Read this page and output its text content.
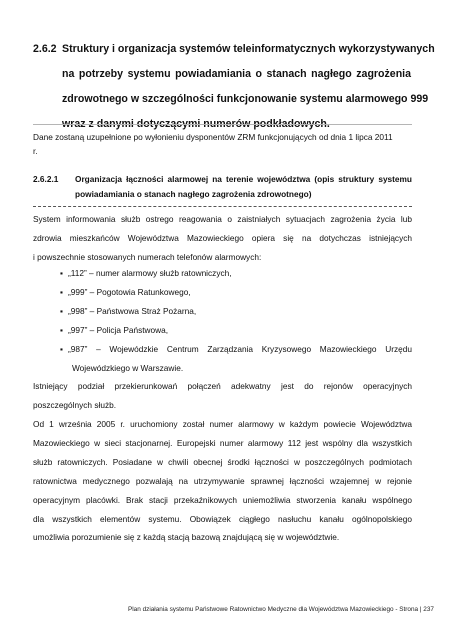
2.6.2 Struktury i organizacja systemów teleinformatycznych wykorzystywanych
na potrzeby systemu powiadamiania o stanach nagłego zagrożenia
zdrowotnego w szczególności funkcjonowanie systemu alarmowego 999
wraz z danymi dotyczącymi numerów podkładowych.
Dane zostaną uzupełnione po wyłonieniu dysponentów ZRM funkcjonujących od dnia 1 lipca 2011
r.
2.6.2.1 Organizacja łączności alarmowej na terenie województwa (opis struktury systemu
powiadamiania o stanach nagłego zagrożenia zdrowotnego)
System informowania służb ostrego reagowania o zaistniałych sytuacjach zagrożenia życia lub
zdrowia mieszkańców Województwa Mazowieckiego opiera się na dotychczas istniejących
i powszechnie stosowanych numerach telefonów alarmowych:
▪ „112” – numer alarmowy służb ratowniczych,
▪ „999” – Pogotowia Ratunkowego,
▪ „998” – Państwowa Straż Pożarna,
▪ „997” – Policja Państwowa,
▪ „987” – Wojewódzkie Centrum Zarządzania Kryzysowego Mazowieckiego Urzędu
Wojewódzkiego w Warszawie.
Istniejący podział przekierunkowań połączeń adekwatny jest do rejonów operacyjnych
poszczególnych służb.
Od 1 września 2005 r. uruchomiony został numer alarmowy w każdym powiecie Województwa
Mazowieckiego w sieci stacjonarnej. Europejski numer alarmowy 112 jest wspólny dla wszystkich
służb ratowniczych. Posiadane w chwili obecnej środki łączności w poszczególnych podmiotach
ratownictwa medycznego pozwalają na utrzymywanie sprawnej łączności wzajemnej w rejonie
operacyjnym placówki. Brak stacji przekaźnikowych uniemożliwia stworzenia kanału wspólnego
dla wszystkich elementów systemu. Obowiązek ciągłego nasłuchu kanału ogólnopolskiego
umożliwia porozumienie się z każdą stacją bazową znajdującą się w województwie.
Plan działania systemu Państwowe Ratownictwo Medyczne dla Województwa Mazowieckiego - Strona | 237
